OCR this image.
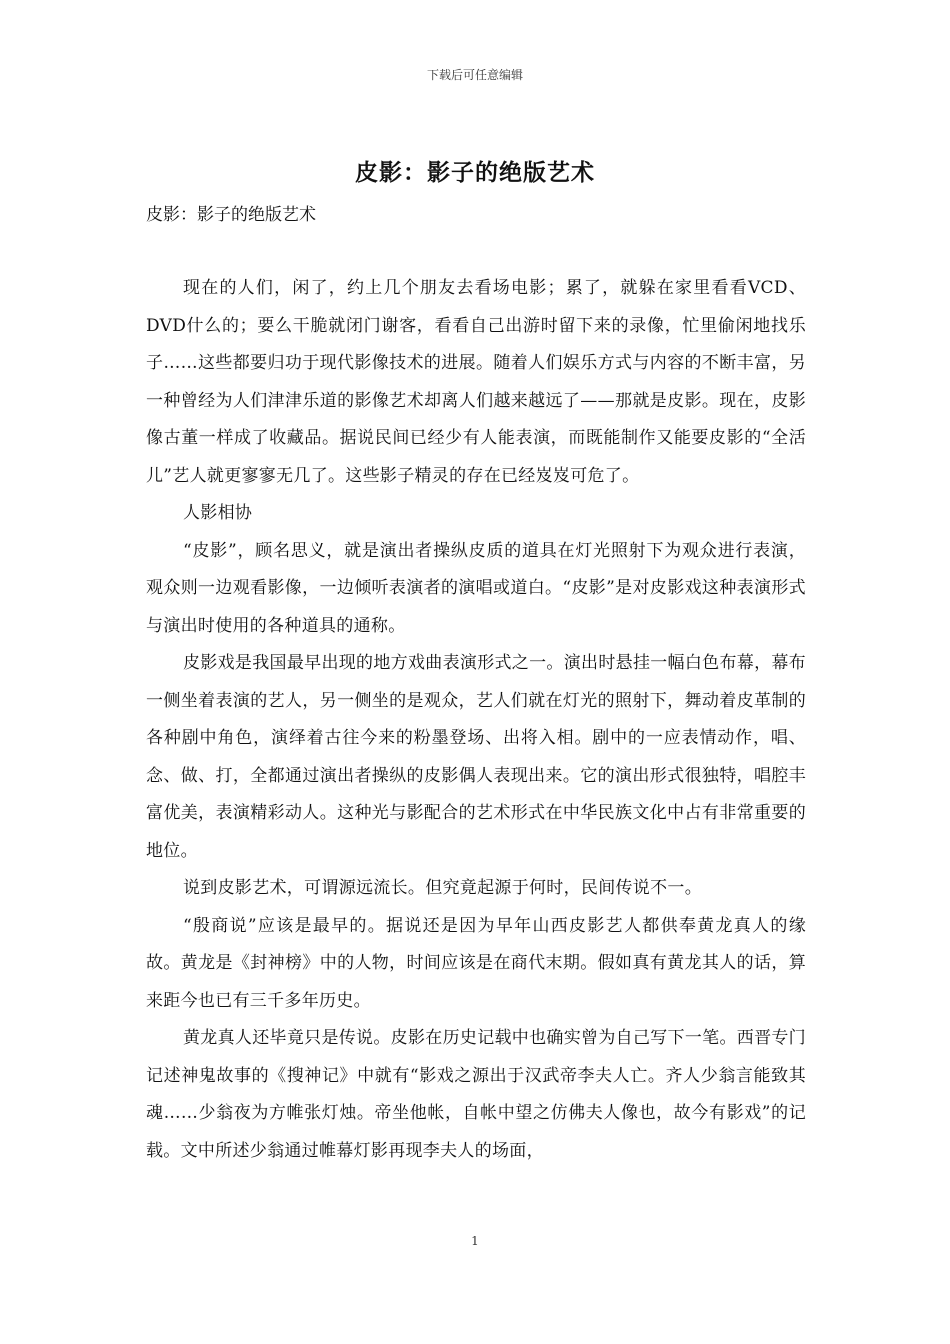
下载后可任意编辑
皮影：影子的绝版艺术
皮影：影子的绝版艺术

现在的人们，闲了，约上几个朋友去看场电影；累了，就躲在家里看看VCD、DVD什么的；要么干脆就闭门谢客，看看自己出游时留下来的录像，忙里偷闲地找乐子……这些都要归功于现代影像技术的进展。随着人们娱乐方式与内容的不断丰富，另一种曾经为人们津津乐道的影像艺术却离人们越来越远了——那就是皮影。现在，皮影像古董一样成了收藏品。据说民间已经少有人能表演，而既能制作又能要皮影的“全活儿”艺人就更寥寥无几了。这些影子精灵的存在已经岌岌可危了。

人影相协

“皮影”，顾名思义，就是演出者操纵皮质的道具在灯光照射下为观众进行表演，观众则一边观看影像，一边倾听表演者的演唱或道白。“皮影”是对皮影戏这种表演形式与演出时使用的各种道具的通称。

皮影戏是我国最早出现的地方戏曲表演形式之一。演出时悬挂一幅白色布幕，幕布一侧坐着表演的艺人，另一侧坐的是观众，艺人们就在灯光的照射下，舞动着皮革制的各种剧中角色，演绎着古往今来的粉墨登场、出将入相。剧中的一应表情动作，唱、念、做、打，全都通过演出者操纵的皮影偶人表现出来。它的演出形式很独特，唱腔丰富优美，表演精彩动人。这种光与影配合的艺术形式在中华民族文化中占有非常重要的地位。

说到皮影艺术，可谓源远流长。但究竟起源于何时，民间传说不一。

“殷商说”应该是最早的。据说还是因为早年山西皮影艺人都供奉黄龙真人的缘故。黄龙是《封神榜》中的人物，时间应该是在商代末期。假如真有黄龙其人的话，算来距今也已有三千多年历史。

黄龙真人还毕竟只是传说。皮影在历史记载中也确实曾为自己写下一笔。西晋专门记述神鬼故事的《搜神记》中就有“影戏之源出于汉武帝李夫人亡。齐人少翁言能致其魂……少翁夜为方帷张灯烛。帝坐他帐，自帐中望之仿佛夫人像也，故今有影戏”的记载。文中所述少翁通过帷幕灯影再现李夫人的场面，

1
